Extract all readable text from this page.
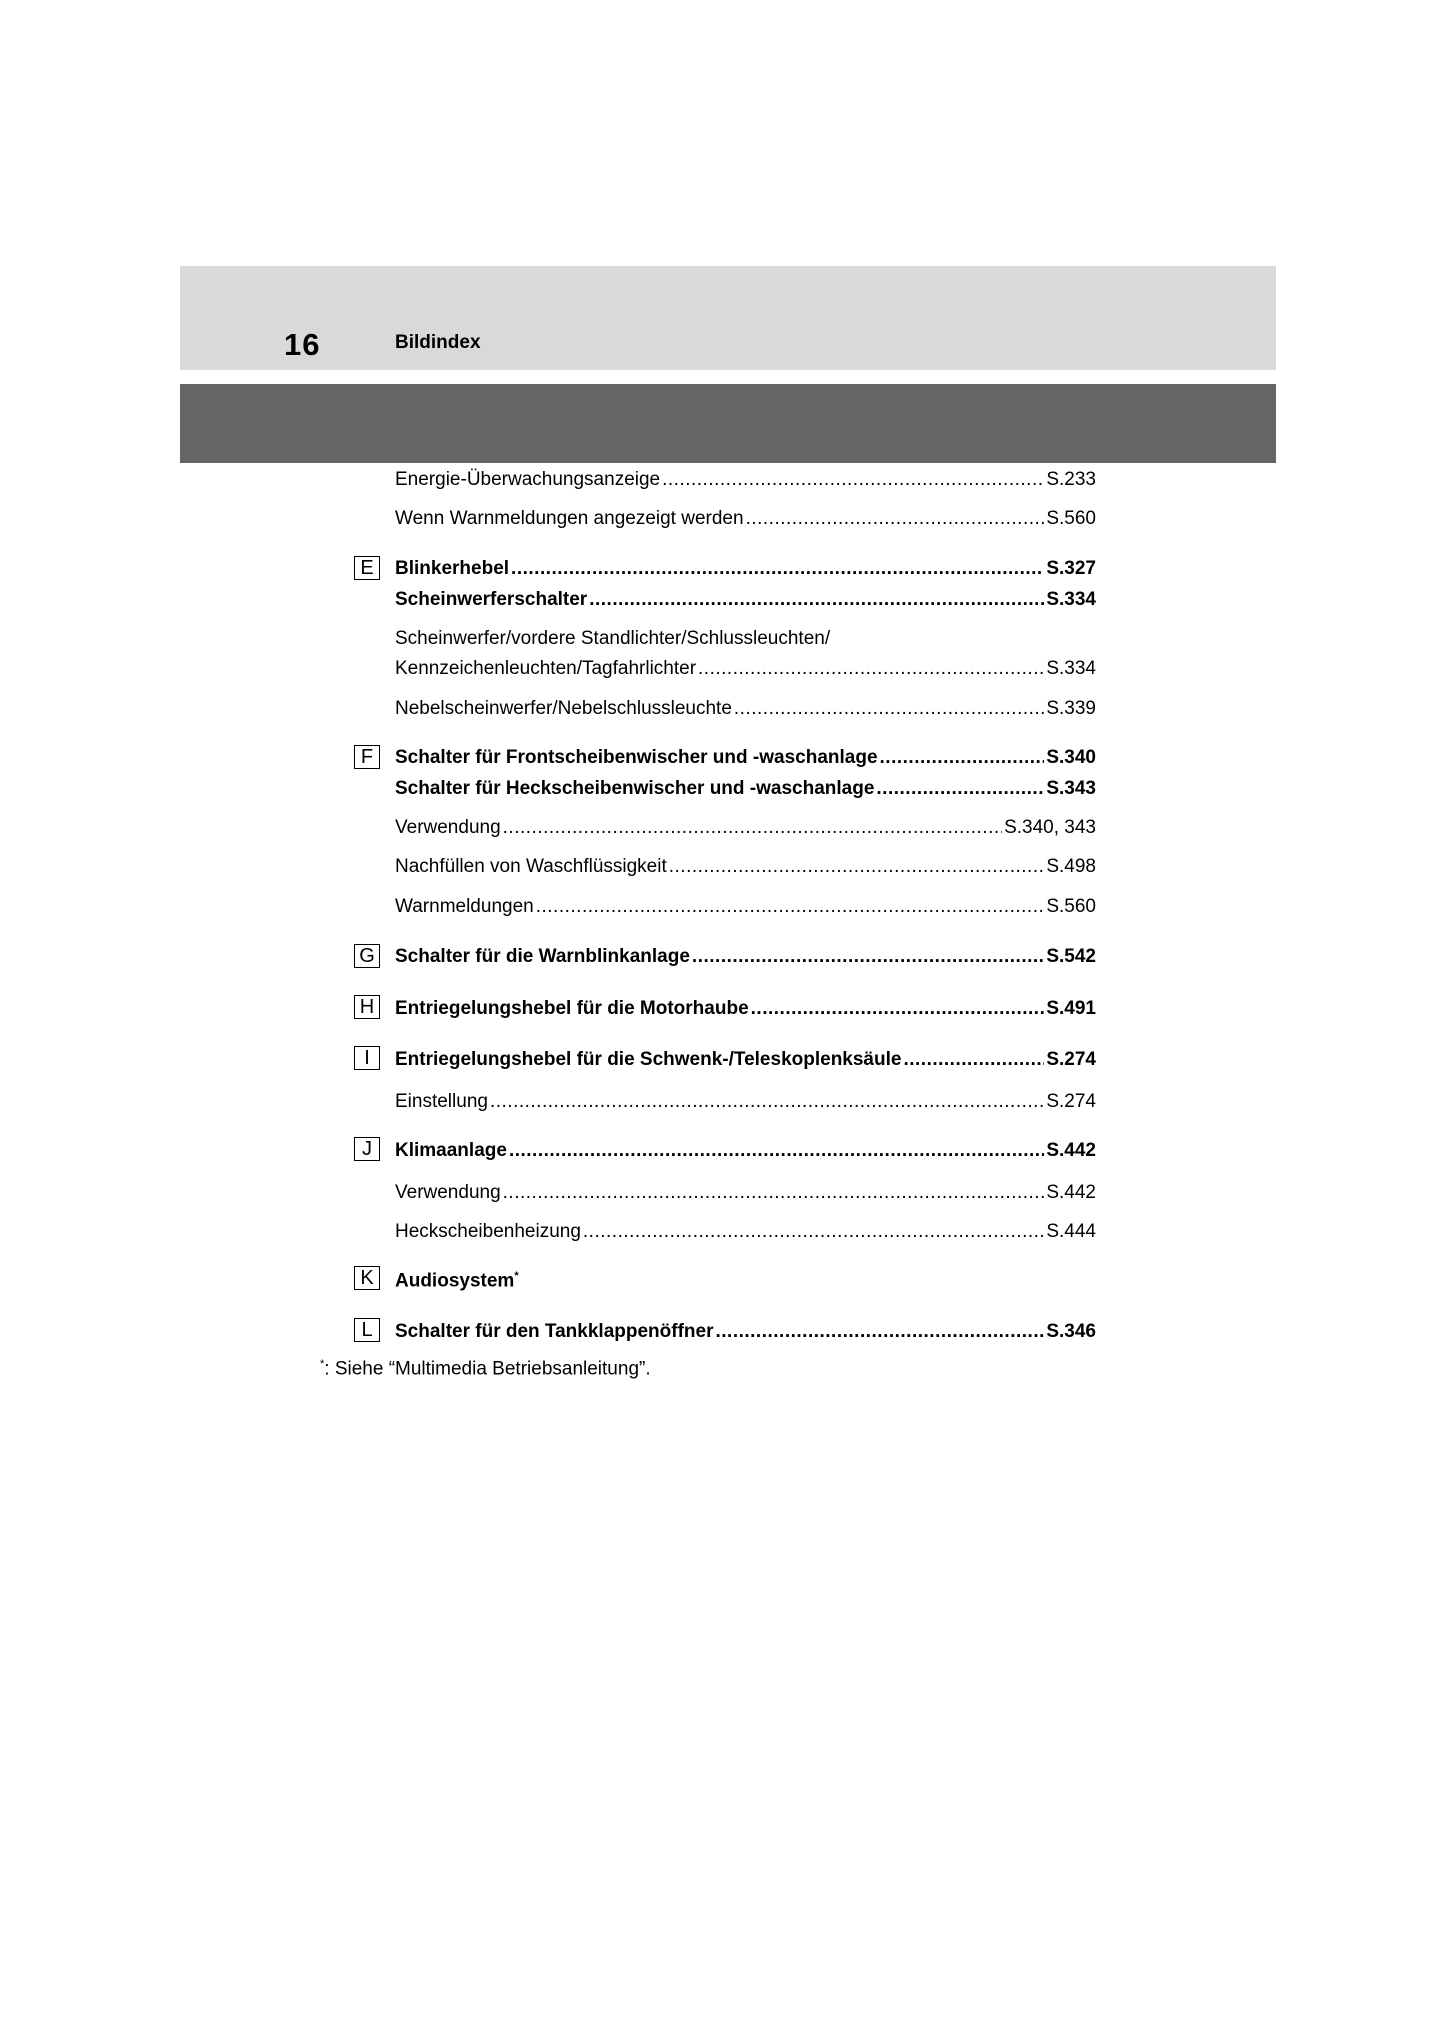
16	Bildindex
Energie-Überwachungsanzeige .....	S.233
Wenn Warnmeldungen angezeigt werden .....	S.560
E	Blinkerhebel .....	S.327
Scheinwerferschalter .....	S.334
Scheinwerfer/vordere Standlichter/Schlussleuchten/
Kennzeichenleuchten/Tagfahrlichter .....	S.334
Nebelscheinwerfer/Nebelschlussleuchte .....	S.339
F	Schalter für Frontscheibenwischer und -waschanlage .....	S.340
Schalter für Heckscheibenwischer und -waschanlage .....	S.343
Verwendung .....	S.340, 343
Nachfüllen von Waschflüssigkeit .....	S.498
Warnmeldungen .....	S.560
G Schalter für die Warnblinkanlage .....	S.542
H	Entriegelungshebel für die Motorhaube .....	S.491
I	Entriegelungshebel für die Schwenk-/Teleskoplenksäule .....	S.274
Einstellung .....	S.274
J	Klimaanlage .....	S.442
Verwendung .....	S.442
Heckscheibenheizung .....	S.444
K	Audiosystem*
L	Schalter für den Tankklappenöffner .....	S.346
*: Siehe “Multimedia Betriebsanleitung”.
